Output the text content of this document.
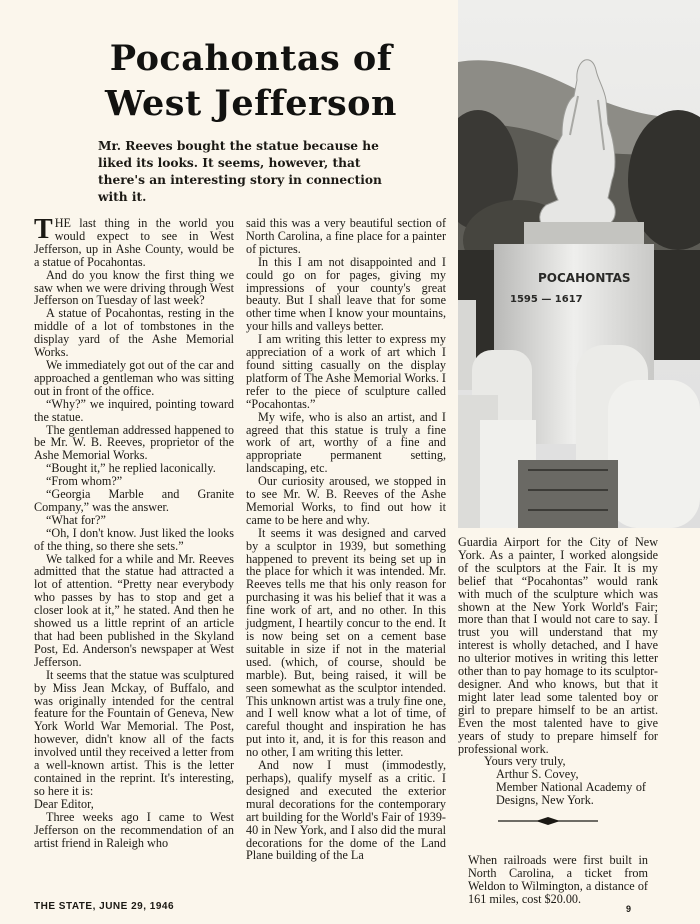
Pocahontas of
West Jefferson

Mr. Reeves bought the statue because he liked its looks. It seems, however, that there's an interesting story in connection with it.

POCAHONTAS
1595 — 1617

THE last thing in the world you would expect to see in West Jefferson, up in Ashe County, would be a statue of Pocahontas.

And do you know the first thing we saw when we were driving through West Jefferson on Tuesday of last week?

A statue of Pocahontas, resting in the middle of a lot of tombstones in the display yard of the Ashe Memorial Works.

We immediately got out of the car and approached a gentleman who was sitting out in front of the office.

“Why?” we inquired, pointing toward the statue.

The gentleman addressed happened to be Mr. W. B. Reeves, proprietor of the Ashe Memorial Works.

“Bought it,” he replied laconically.

“From whom?”

“Georgia Marble and Granite Company,” was the answer.

“What for?”

“Oh, I don't know. Just liked the looks of the thing, so there she sets.”

We talked for a while and Mr. Reeves admitted that the statue had attracted a lot of attention. “Pretty near everybody who passes by has to stop and get a closer look at it,” he stated. And then he showed us a little reprint of an article that had been published in the Skyland Post, Ed. Anderson's newspaper at West Jefferson.

It seems that the statue was sculptured by Miss Jean Mckay, of Buffalo, and was originally intended for the central feature for the Fountain of Geneva, New York World War Memorial. The Post, however, didn't know all of the facts involved until they received a letter from a well-known artist. This is the letter contained in the reprint. It's interesting, so here it is:

Dear Editor,

Three weeks ago I came to West Jefferson on the recommendation of an artist friend in Raleigh who

said this was a very beautiful section of North Carolina, a fine place for a painter of pictures.

In this I am not disappointed and I could go on for pages, giving my impressions of your county's great beauty. But I shall leave that for some other time when I know your mountains, your hills and valleys better.

I am writing this letter to express my appreciation of a work of art which I found sitting casually on the display platform of The Ashe Memorial Works. I refer to the piece of sculpture called “Pocahontas.”

My wife, who is also an artist, and I agreed that this statue is truly a fine work of art, worthy of a fine and appropriate permanent setting, landscaping, etc.

Our curiosity aroused, we stopped in to see Mr. W. B. Reeves of the Ashe Memorial Works, to find out how it came to be here and why.

It seems it was designed and carved by a sculptor in 1939, but something happened to prevent its being set up in the place for which it was intended. Mr. Reeves tells me that his only reason for purchasing it was his belief that it was a fine work of art, and no other. In this judgment, I heartily concur to the end. It is now being set on a cement base suitable in size if not in the material used. (which, of course, should be marble). But, being raised, it will be seen somewhat as the sculptor intended. This unknown artist was a truly fine one, and I well know what a lot of time, of careful thought and inspiration he has put into it, and, it is for this reason and no other, I am writing this letter.

And now I must (immodestly, perhaps), qualify myself as a critic. I designed and executed the exterior mural decorations for the contemporary art building for the World's Fair of 1939-40 in New York, and I also did the mural decorations for the dome of the Land Plane building of the La

Guardia Airport for the City of New York. As a painter, I worked alongside of the sculptors at the Fair. It is my belief that “Pocahontas” would rank with much of the sculpture which was shown at the New York World's Fair; more than that I would not care to say. I trust you will understand that my interest is wholly detached, and I have no ulterior motives in writing this letter other than to pay homage to its sculptor-designer. And who knows, but that it might later lead some talented boy or girl to prepare himself to be an artist. Even the most talented have to give years of study to prepare himself for professional work.

Yours very truly,

Arthur S. Covey,

Member National Academy of Designs, New York.

When railroads were first built in North Carolina, a ticket from Weldon to Wilmington, a distance of 161 miles, cost $20.00.

THE STATE, JUNE 29, 1946	9
